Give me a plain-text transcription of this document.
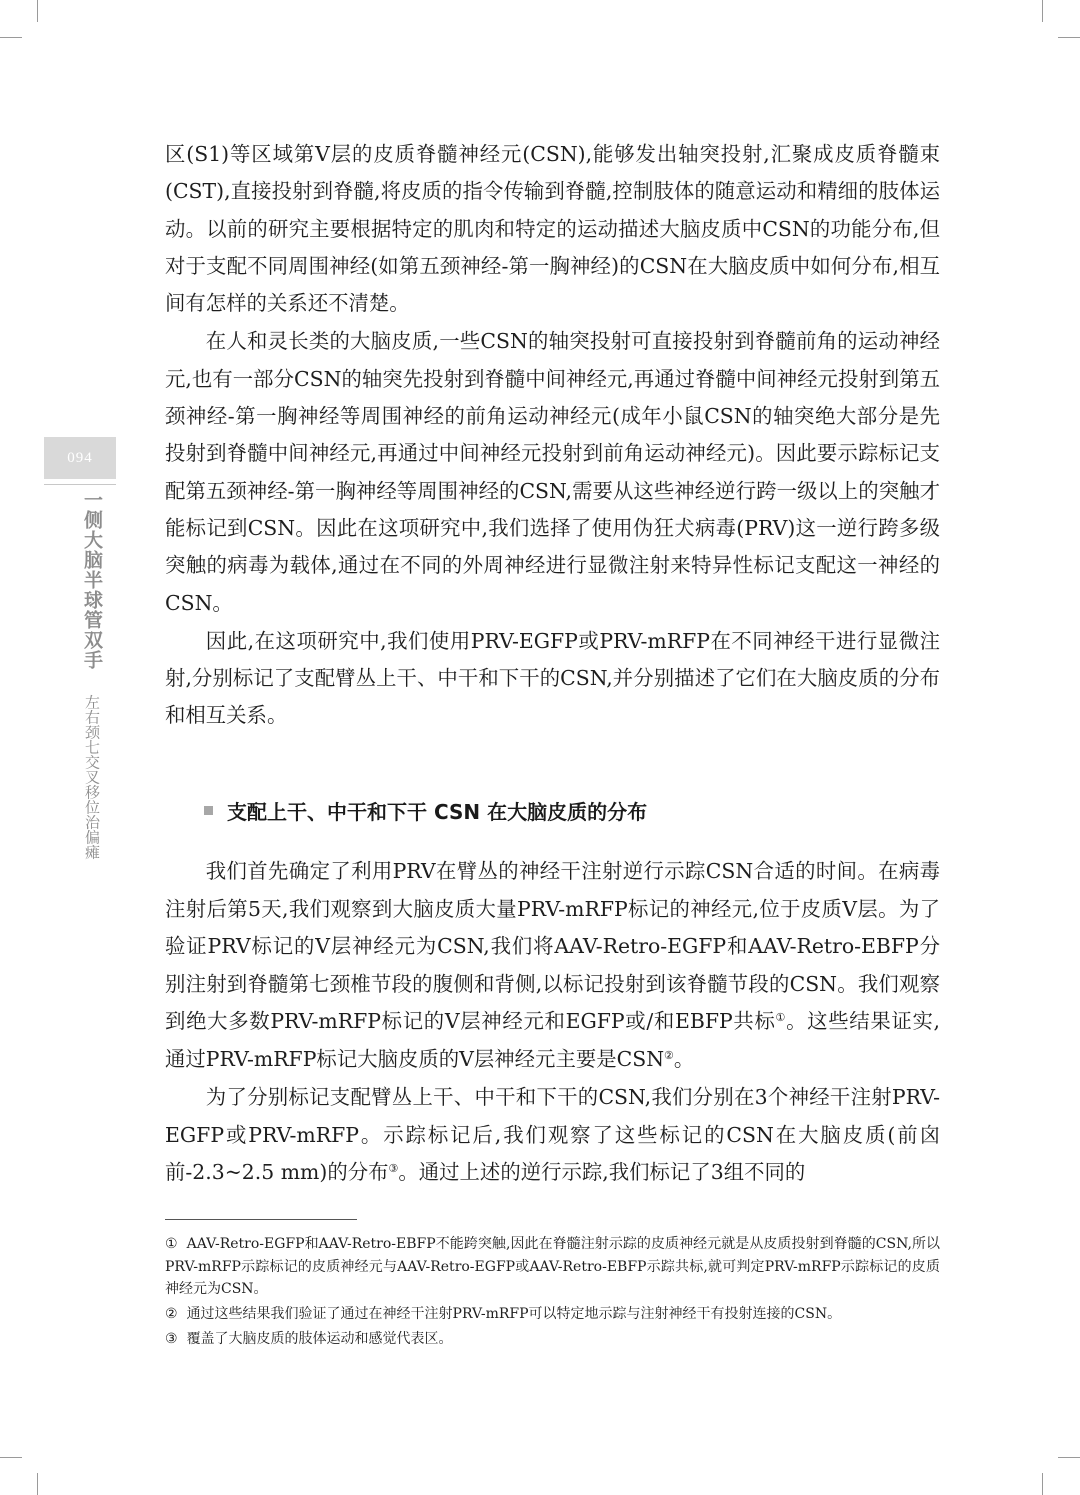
094
一侧大脑半球管双手  左右颈七交叉移位治偏瘫

区(S1)等区域第Ⅴ层的皮质脊髓神经元(CSN),能够发出轴突投射,汇聚成皮质脊髓束(CST),直接投射到脊髓,将皮质的指令传输到脊髓,控制肢体的随意运动和精细的肢体运动。以前的研究主要根据特定的肌肉和特定的运动描述大脑皮质中CSN的功能分布,但对于支配不同周围神经(如第五颈神经-第一胸神经)的CSN在大脑皮质中如何分布,相互间有怎样的关系还不清楚。

在人和灵长类的大脑皮质,一些CSN的轴突投射可直接投射到脊髓前角的运动神经元,也有一部分CSN的轴突先投射到脊髓中间神经元,再通过脊髓中间神经元投射到第五颈神经-第一胸神经等周围神经的前角运动神经元(成年小鼠CSN的轴突绝大部分是先投射到脊髓中间神经元,再通过中间神经元投射到前角运动神经元)。因此要示踪标记支配第五颈神经-第一胸神经等周围神经的CSN,需要从这些神经逆行跨一级以上的突触才能标记到CSN。因此在这项研究中,我们选择了使用伪狂犬病毒(PRV)这一逆行跨多级突触的病毒为载体,通过在不同的外周神经进行显微注射来特异性标记支配这一神经的CSN。

因此,在这项研究中,我们使用PRV-EGFP或PRV-mRFP在不同神经干进行显微注射,分别标记了支配臂丛上干、中干和下干的CSN,并分别描述了它们在大脑皮质的分布和相互关系。

支配上干、中干和下干 CSN 在大脑皮质的分布

我们首先确定了利用PRV在臂丛的神经干注射逆行示踪CSN合适的时间。在病毒注射后第5天,我们观察到大脑皮质大量PRV-mRFP标记的神经元,位于皮质Ⅴ层。为了验证PRV标记的Ⅴ层神经元为CSN,我们将AAV-Retro-EGFP和AAV-Retro-EBFP分别注射到脊髓第七颈椎节段的腹侧和背侧,以标记投射到该脊髓节段的CSN。我们观察到绝大多数PRV-mRFP标记的Ⅴ层神经元和EGFP或/和EBFP共标①。这些结果证实,通过PRV-mRFP标记大脑皮质的Ⅴ层神经元主要是CSN②。

为了分别标记支配臂丛上干、中干和下干的CSN,我们分别在3个神经干注射PRV-EGFP或PRV-mRFP。示踪标记后,我们观察了这些标记的CSN在大脑皮质(前囟前-2.3~2.5 mm)的分布③。通过上述的逆行示踪,我们标记了3组不同的

① AAV-Retro-EGFP和AAV-Retro-EBFP不能跨突触,因此在脊髓注射示踪的皮质神经元就是从皮质投射到脊髓的CSN,所以PRV-mRFP示踪标记的皮质神经元与AAV-Retro-EGFP或AAV-Retro-EBFP示踪共标,就可判定PRV-mRFP示踪标记的皮质神经元为CSN。

② 通过这些结果我们验证了通过在神经干注射PRV-mRFP可以特定地示踪与注射神经干有投射连接的CSN。

③ 覆盖了大脑皮质的肢体运动和感觉代表区。
